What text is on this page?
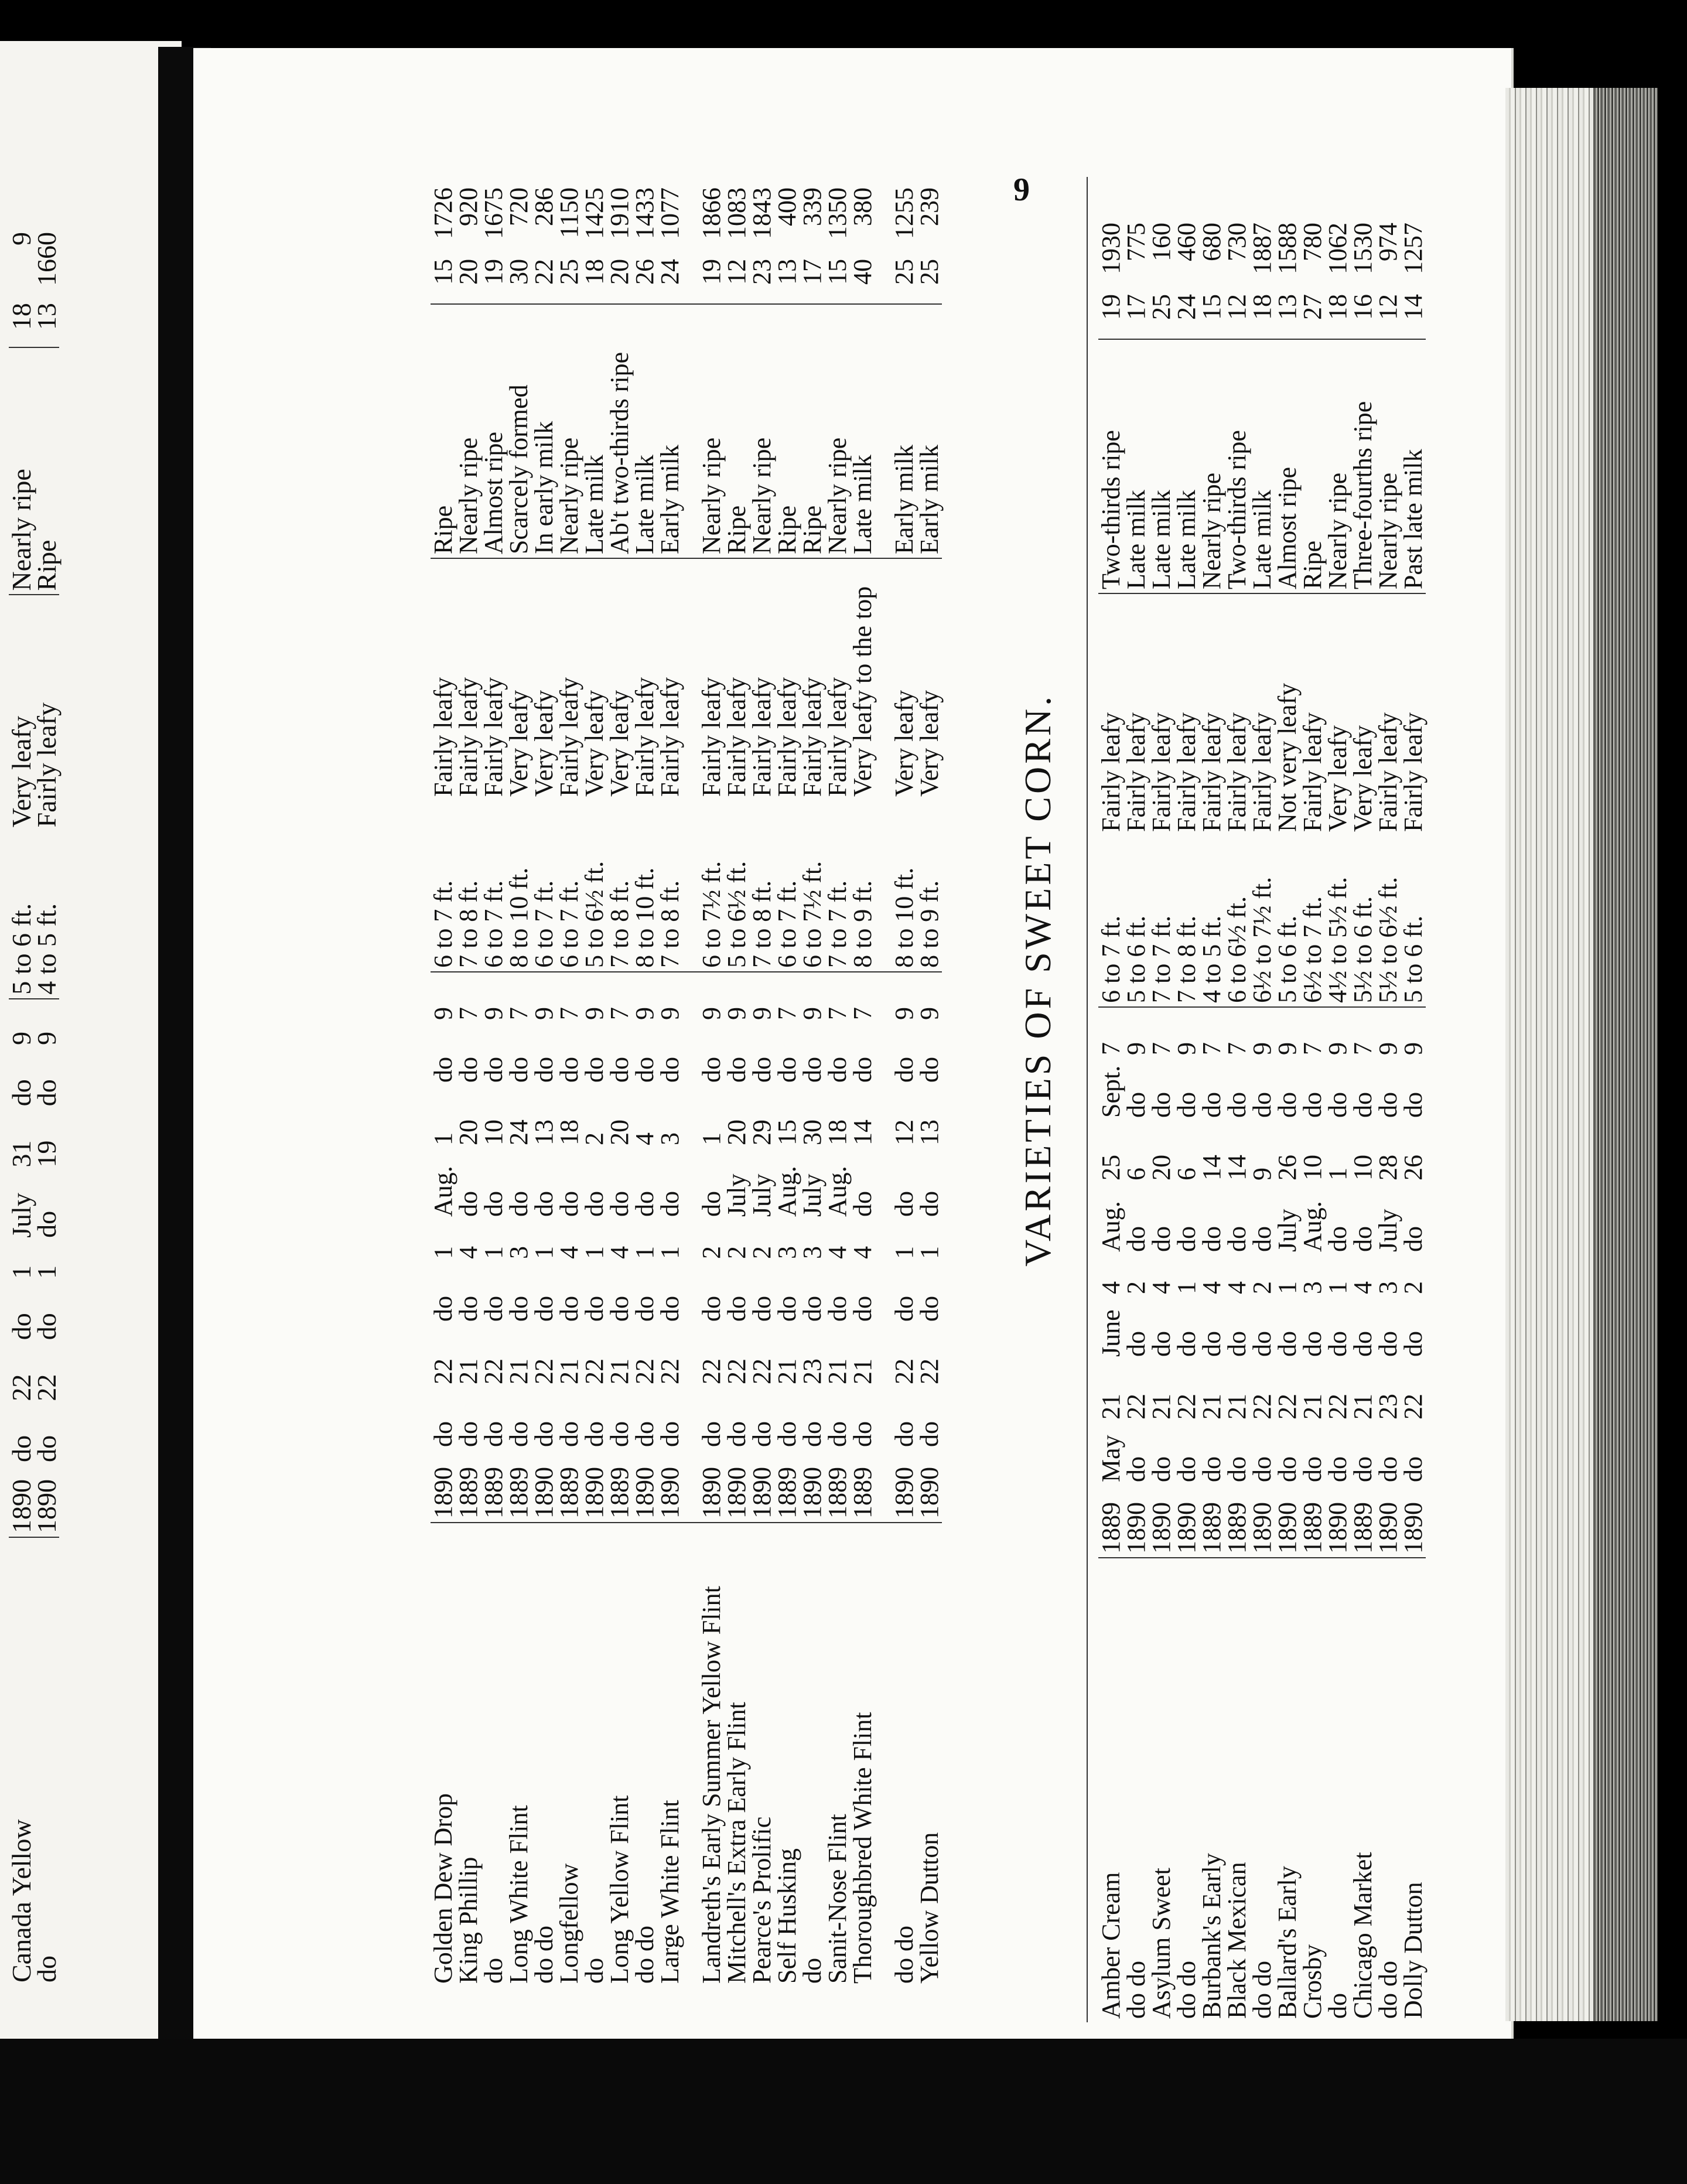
Canada Yellow	1890	do	22	do	1	July	31	do	9	5 to 6 ft.	Very leafy	Nearly ripe	18	9
do	1890	do	22	do	1	do	19	do	9	4 to 5 ft.	Fairly leafy	Ripe	13	1660
9
Golden Dew Drop	1890	do	22	do	1	Aug.	1	do	9	6 to 7 ft.	Fairly leafy	Ripe	15	1726
King Phillip	1889	do	21	do	4	do	20	do	7	7 to 8 ft.	Fairly leafy	Nearly ripe	20	920
do	1889	do	22	do	1	do	10	do	9	6 to 7 ft.	Fairly leafy	Almost ripe	19	1675
Long White Flint	1889	do	21	do	3	do	24	do	7	8 to 10 ft.	Very leafy	Scarcely formed	30	720
do do	1890	do	22	do	1	do	13	do	9	6 to 7 ft.	Very leafy	In early milk	22	286
Longfellow	1889	do	21	do	4	do	18	do	7	6 to 7 ft.	Fairly leafy	Nearly ripe	25	1150
do	1890	do	22	do	1	do	2	do	9	5 to 6½ ft.	Very leafy	Late milk	18	1425
Long Yellow Flint	1889	do	21	do	4	do	20	do	7	7 to 8 ft.	Very leafy	Ab't two-thirds ripe	20	1910
do do	1890	do	22	do	1	do	4	do	9	8 to 10 ft.	Fairly leafy	Late milk	26	1433
Large White Flint	1890	do	22	do	1	do	3	do	9	7 to 8 ft.	Fairly leafy	Early milk	24	1077
Landreth's Early Summer Yellow Flint	1890	do	22	do	2	do	1	do	9	6 to 7½ ft.	Fairly leafy	Nearly ripe	19	1866
Mitchell's Extra Early Flint	1890	do	22	do	2	July	20	do	9	5 to 6½ ft.	Fairly leafy	Ripe	12	1083
Pearce's Prolific	1890	do	22	do	2	July	29	do	9	7 to 8 ft.	Fairly leafy	Nearly ripe	23	1843
Self Husking	1889	do	21	do	3	Aug.	15	do	7	6 to 7 ft.	Fairly leafy	Ripe	13	400
do	1890	do	23	do	3	July	30	do	9	6 to 7½ ft.	Fairly leafy	Ripe	17	339
Sanit-Nose Flint	1889	do	21	do	4	Aug.	18	do	7	7 to 7 ft.	Fairly leafy	Nearly ripe	15	1350
Thoroughbred White Flint	1889	do	21	do	4	do	14	do	7	8 to 9 ft.	Very leafy to the top	Late milk	40	380
do do	1890	do	22	do	1	do	12	do	9	8 to 10 ft.	Very leafy	Early milk	25	1255
Yellow Dutton	1890	do	22	do	1	do	13	do	9	8 to 9 ft.	Very leafy	Early milk	25	239
VARIETIES OF SWEET CORN.
Amber Cream	1889	May	21	June	4	Aug.	25	Sept.	7	6 to 7 ft.	Fairly leafy	Two-thirds ripe	19	1930
do do	1890	do	22	do	2	do	6	do	9	5 to 6 ft.	Fairly leafy	Late milk	17	775
Asylum Sweet	1890	do	21	do	4	do	20	do	7	7 to 7 ft.	Fairly leafy	Late milk	25	160
do do	1890	do	22	do	1	do	6	do	9	7 to 8 ft.	Fairly leafy	Late milk	24	460
Burbank's Early	1889	do	21	do	4	do	14	do	7	4 to 5 ft.	Fairly leafy	Nearly ripe	15	680
Black Mexican	1889	do	21	do	4	do	14	do	7	6 to 6½ ft.	Fairly leafy	Two-thirds ripe	12	730
do do	1890	do	22	do	2	do	9	do	9	6½ to 7½ ft.	Fairly leafy	Late milk	18	1887
Ballard's Early	1890	do	22	do	1	July	26	do	9	5 to 6 ft.	Not very leafy	Almost ripe	13	1588
Crosby	1889	do	21	do	3	Aug.	10	do	7	6½ to 7 ft.	Fairly leafy	Ripe	27	780
do	1890	do	22	do	1	do	1	do	9	4½ to 5½ ft.	Very leafy	Nearly ripe	18	1062
Chicago Market	1889	do	21	do	4	do	10	do	7	5½ to 6 ft.	Very leafy	Three-fourths ripe	16	1530
do do	1890	do	23	do	3	July	28	do	9	5½ to 6½ ft.	Fairly leafy	Nearly ripe	12	974
Dolly Dutton	1890	do	22	do	2	do	26	do	9	5 to 6 ft.	Fairly leafy	Past late milk	14	1257
